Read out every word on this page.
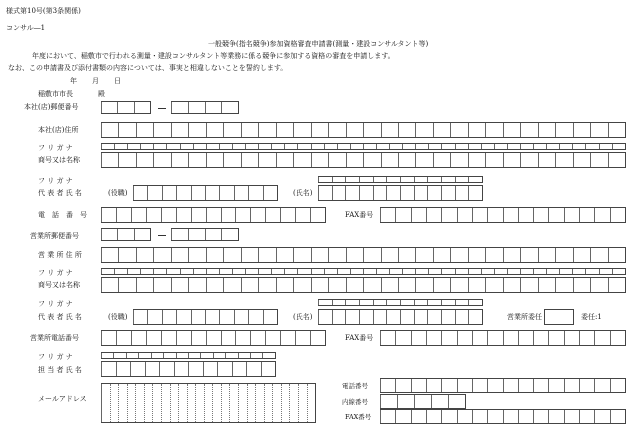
様式第10号(第3条関係)
コンサル―1
一般競争(指名競争)参加資格審査申請書(測量・建設コンサルタント等)
年度において、稲敷市で行われる測量・建設コンサルタント等業務に係る競争に参加する資格の審査を申請します。
なお、この申請書及び添付書類の内容については、事実と相違しないことを誓約します。
年 月 日
稲敷市市長	殿
本社(店)郵便番号
本社(店)住所
フ リ ガ ナ
商号又は名称
フ リ ガ ナ
代 表 者 氏 名	(役職)	(氏名)
電　話　番　号	FAX番号
営業所郵便番号
営 業 所 住 所
フ リ ガ ナ
商号又は名称
フ リ ガ ナ
代 表 者 氏 名	(役職)	(氏名)	営業所委任	委任:1
営業所電話番号	FAX番号
フ リ ガ ナ
担 当 者 氏 名
メールアドレス
電話番号
内線番号
FAX番号
